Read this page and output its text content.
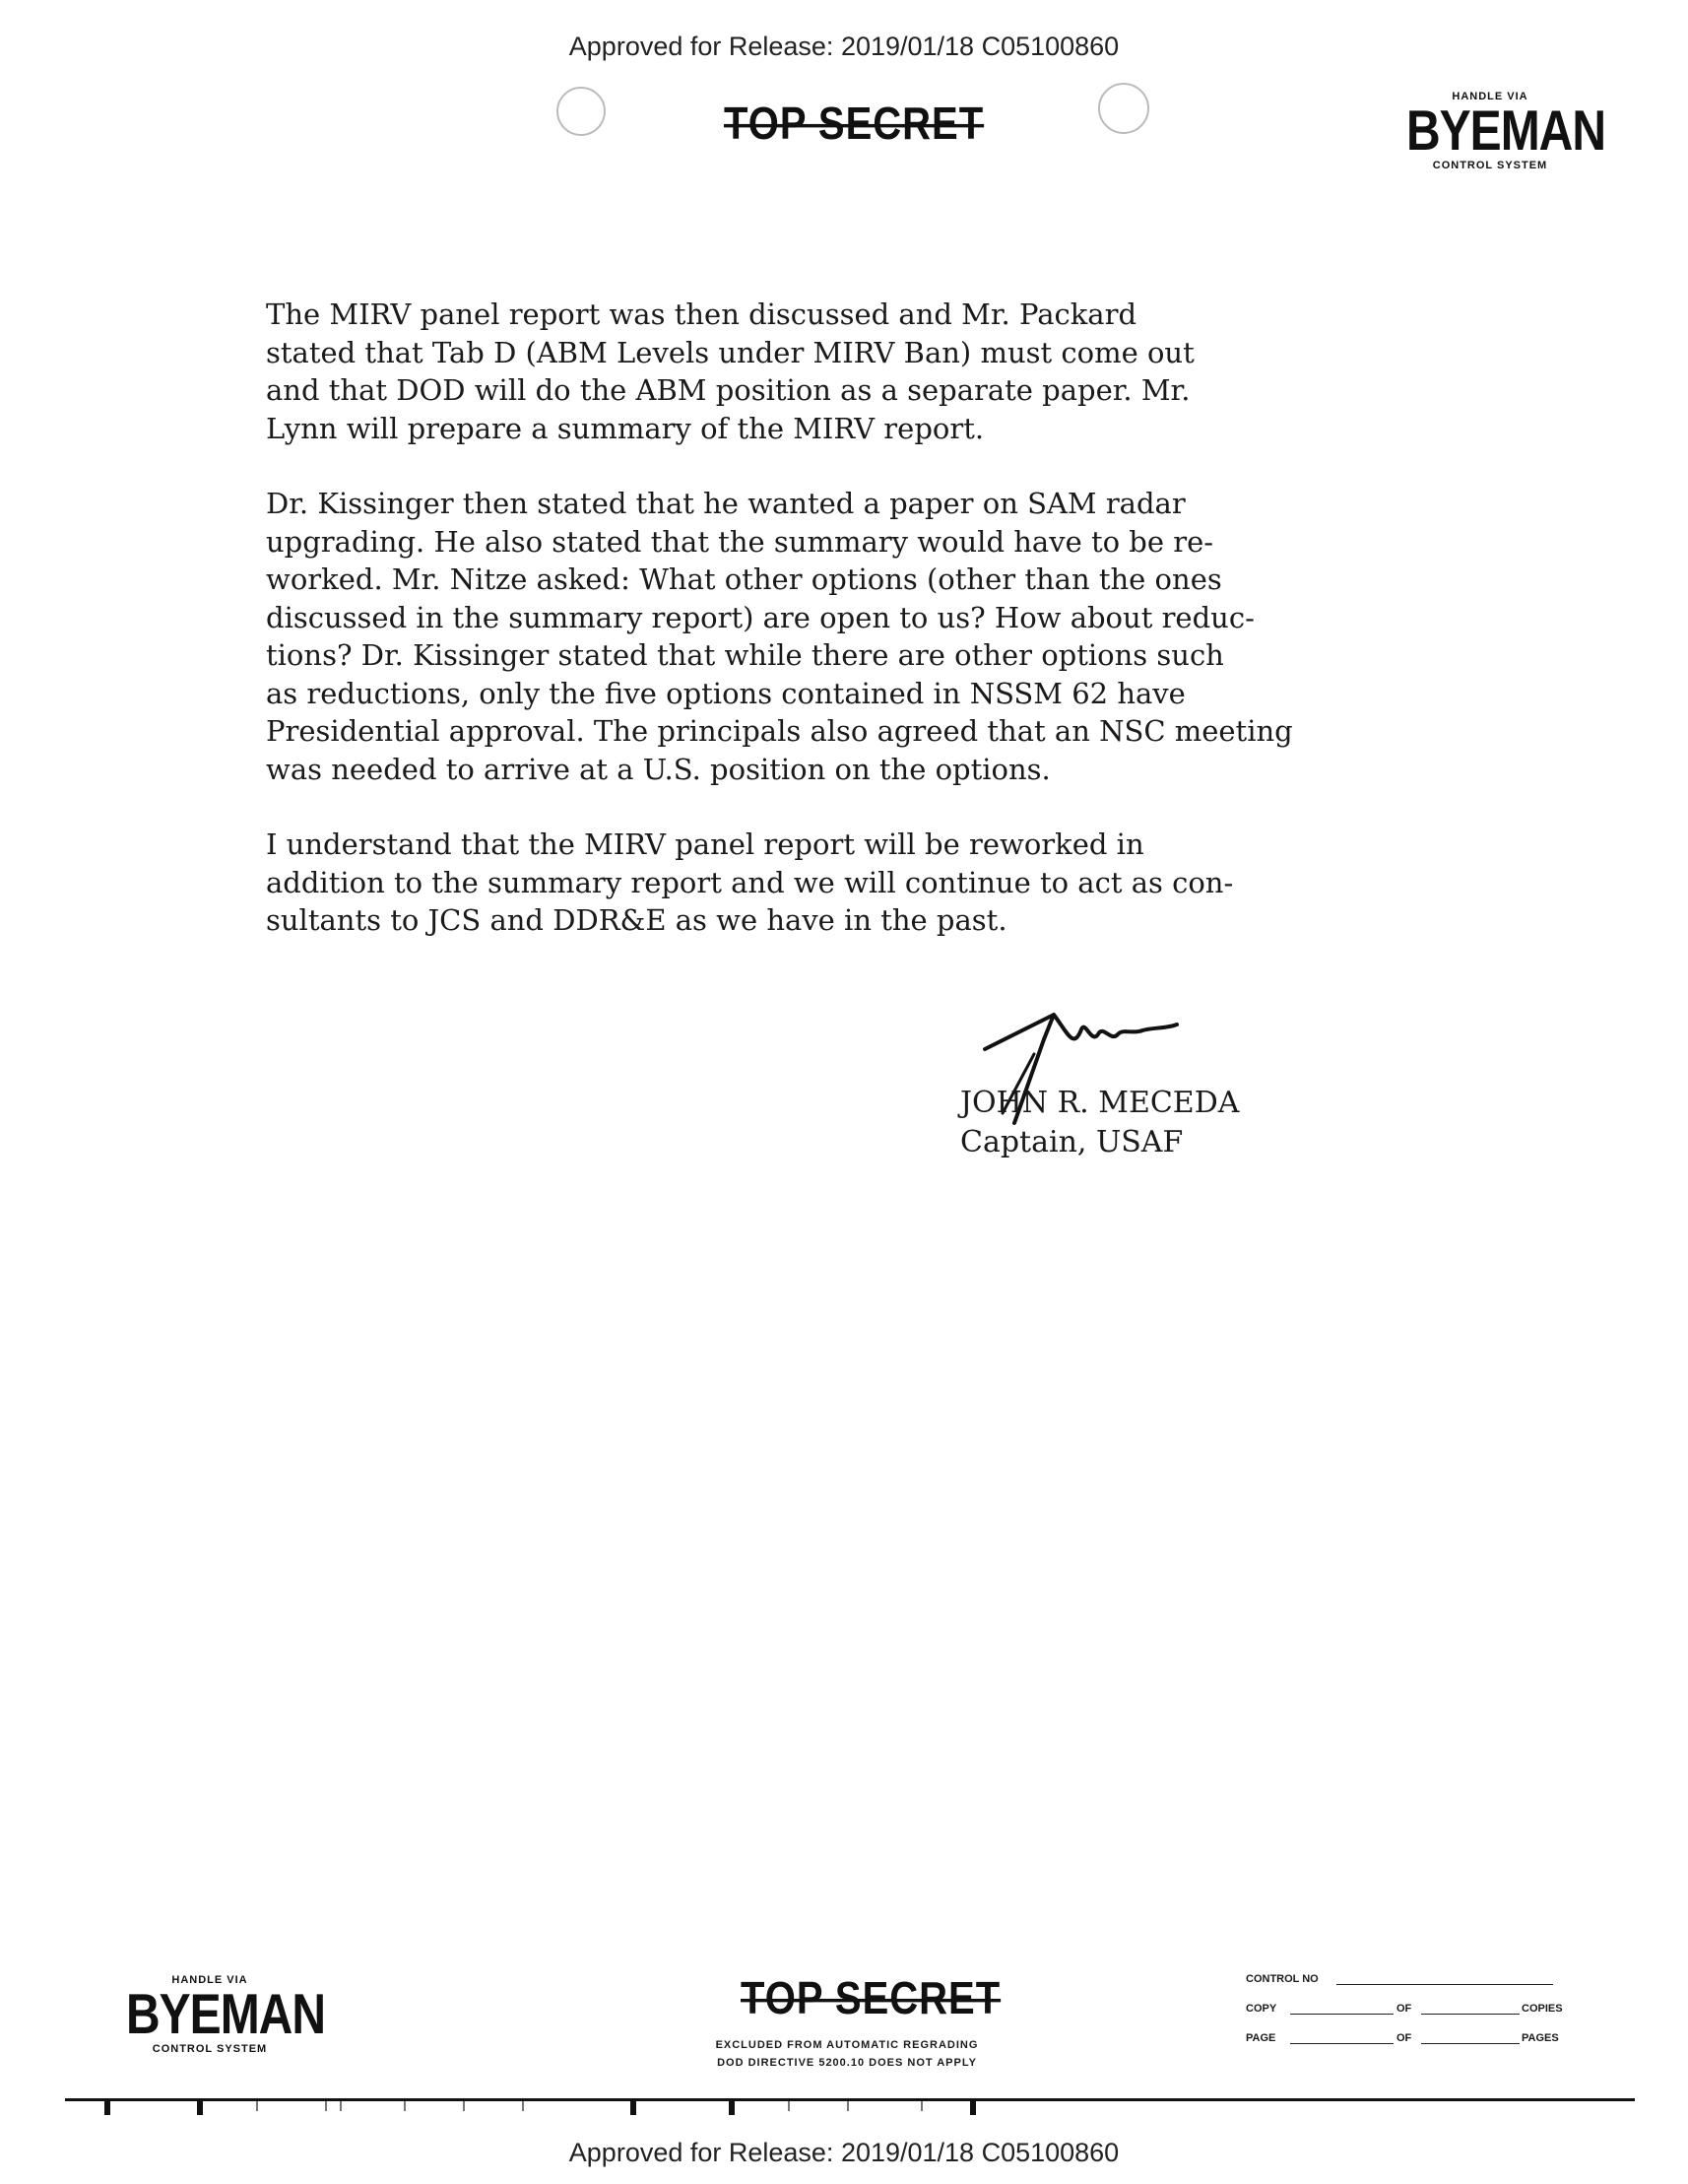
Approved for Release: 2019/01/18 C05100860
TOP SECRET
HANDLE VIA
BYEMAN
CONTROL SYSTEM

The MIRV panel report was then discussed and Mr. Packard
stated that Tab D (ABM Levels under MIRV Ban) must come out
and that DOD will do the ABM position as a separate paper. Mr.
Lynn will prepare a summary of the MIRV report.

Dr. Kissinger then stated that he wanted a paper on SAM radar
upgrading. He also stated that the summary would have to be re-
worked. Mr. Nitze asked: What other options (other than the ones
discussed in the summary report) are open to us? How about reduc-
tions? Dr. Kissinger stated that while there are other options such
as reductions, only the five options contained in NSSM 62 have
Presidential approval. The principals also agreed that an NSC meeting
was needed to arrive at a U.S. position on the options.

I understand that the MIRV panel report will be reworked in
addition to the summary report and we will continue to act as con-
sultants to JCS and DDR&E as we have in the past.

JOHN R. MECEDA
Captain, USAF
HANDLE VIA
BYEMAN
CONTROL SYSTEM
TOP SECRET
EXCLUDED FROM AUTOMATIC REGRADING
DOD DIRECTIVE 5200.10 DOES NOT APPLY
CONTROL NO
COPY	OF	COPIES
PAGE	OF	PAGES
Approved for Release: 2019/01/18 C05100860
